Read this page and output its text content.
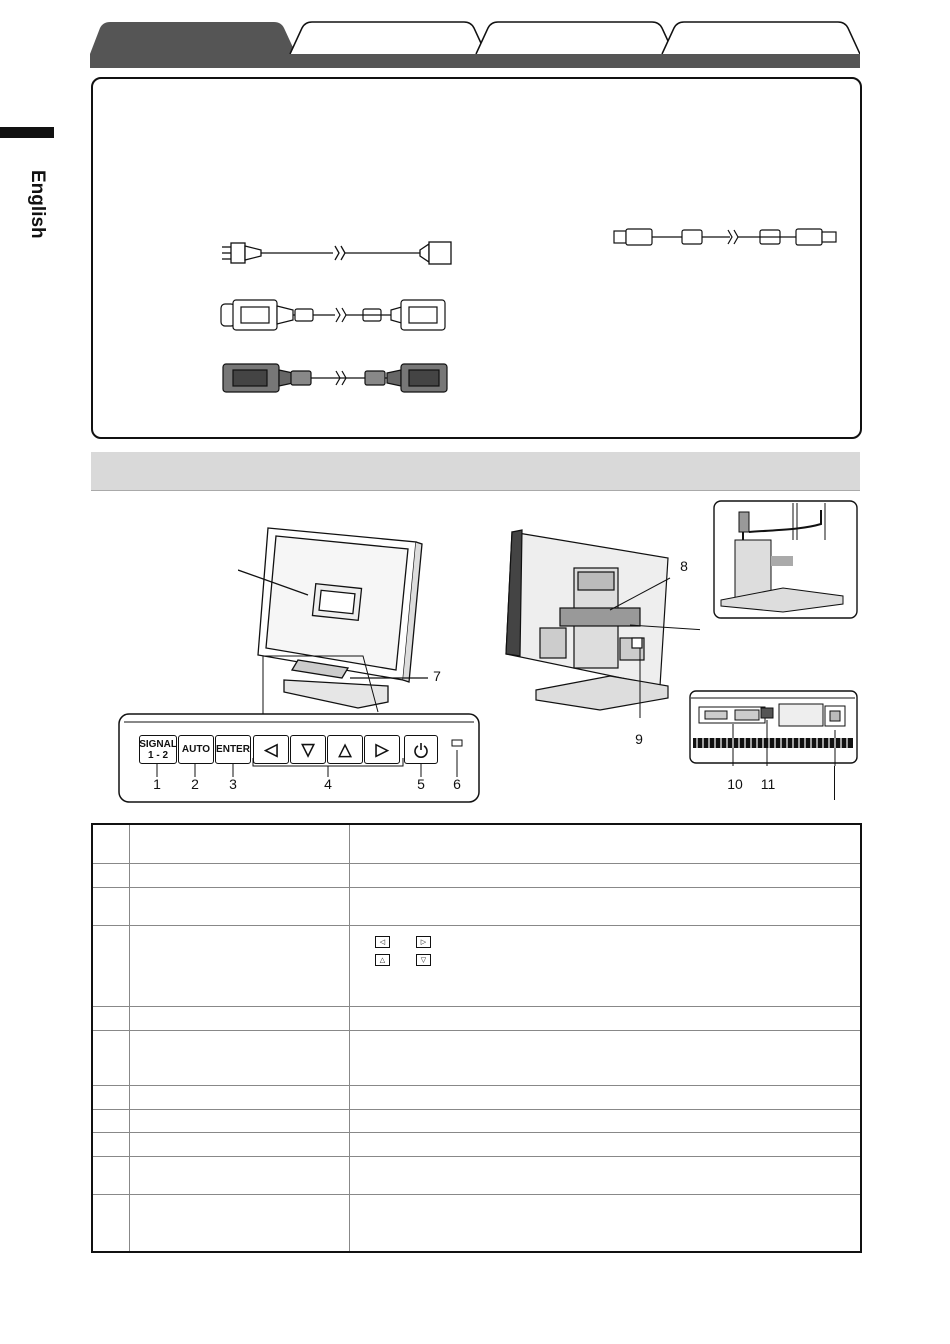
English
7
SIGNAL 1 - 2	AUTO ENTER ◁ ▽ △ ▷
1	2	3	4	5	6
8
9
10	11
◁	▷
△	▽
